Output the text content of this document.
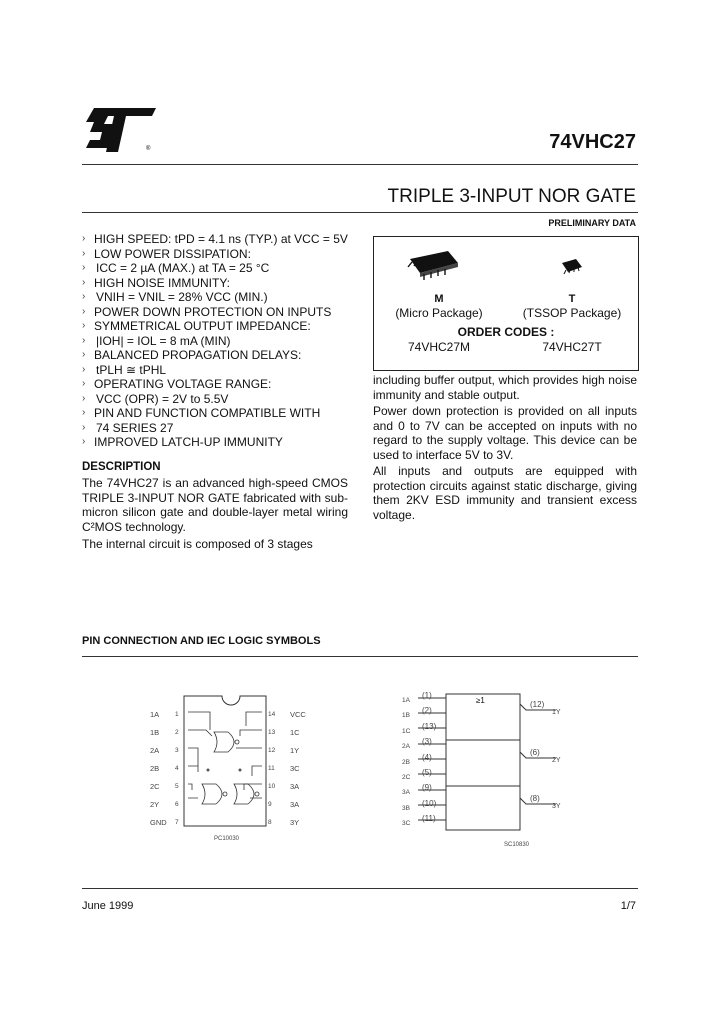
®	74VHC27
TRIPLE 3-INPUT NOR GATE
PRELIMINARY DATA
› HIGH SPEED: tPD = 4.1 ns (TYP.) at VCC = 5V
› LOW POWER DISSIPATION:
› ICC = 2 µA (MAX.) at TA = 25 °C
› HIGH NOISE IMMUNITY:
› VNIH = VNIL = 28% VCC (MIN.)
› POWER DOWN PROTECTION ON INPUTS
› SYMMETRICAL OUTPUT IMPEDANCE:
› |IOH| = IOL = 8 mA (MIN)
› BALANCED PROPAGATION DELAYS:
› tPLH ≅ tPHL
› OPERATING VOLTAGE RANGE:
› VCC (OPR) = 2V to 5.5V
› PIN AND FUNCTION COMPATIBLE WITH
› 74 SERIES 27
› IMPROVED LATCH-UP IMMUNITY
M
(Micro Package)
T
(TSSOP Package)
ORDER CODES :
74VHC27M	74VHC27T
DESCRIPTION

The 74VHC27 is an advanced high-speed CMOS TRIPLE 3-INPUT NOR GATE fabricated with sub-micron silicon gate and double-layer metal wiring C²MOS technology.

The internal circuit is composed of 3 stages

including buffer output, which provides high noise immunity and stable output.

Power down protection is provided on all inputs and 0 to 7V can be accepted on inputs with no regard to the supply voltage. This device can be used to interface 5V to 3V.

All inputs and outputs are equipped with protection circuits against static discharge, giving them 2KV ESD immunity and transient excess voltage.

PIN CONNECTION AND IEC LOGIC SYMBOLS
PC10030
1A
1B
2A
2B
2C
2Y
GND
1
2
3
4
5
6
7
14
13
12
11
10
9
8
VCC
1C
1Y
3C
3A
3A
3Y
≥1
1A
1B
1C
2A
2B
2C
3A
3B
3C
(1)
(2)
(13)
(3)
(4)
(5)
(9)
(10)
(11)
(12)
(6)
(8)
1Y
2Y
3Y
SC10830
June 1999	1/7
